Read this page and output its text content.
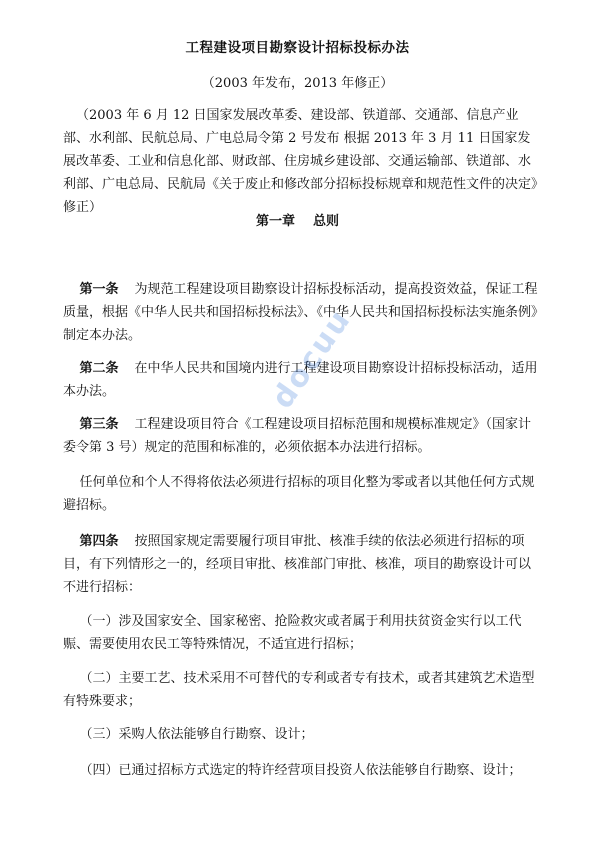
工程建设项目勘察设计招标投标办法
（2003 年发布，2013 年修正）
（2003 年 6 月 12 日国家发展改革委、建设部、铁道部、交通部、信息产业部、水利部、民航总局、广电总局令第 2 号发布 根据 2013 年 3 月 11 日国家发展改革委、工业和信息化部、财政部、住房城乡建设部、交通运输部、铁道部、水利部、广电总局、民航局《关于废止和修改部分招标投标规章和规范性文件的决定》修正）
第一章 总则
第一条 为规范工程建设项目勘察设计招标投标活动，提高投资效益，保证工程质量，根据《中华人民共和国招标投标法》、《中华人民共和国招标投标法实施条例》制定本办法。
第二条 在中华人民共和国境内进行工程建设项目勘察设计招标投标活动，适用本办法。
第三条 工程建设项目符合《工程建设项目招标范围和规模标准规定》（国家计委令第 3 号）规定的范围和标准的，必须依据本办法进行招标。
任何单位和个人不得将依法必须进行招标的项目化整为零或者以其他任何方式规避招标。
第四条 按照国家规定需要履行项目审批、核准手续的依法必须进行招标的项目，有下列情形之一的，经项目审批、核准部门审批、核准，项目的勘察设计可以不进行招标：
（一）涉及国家安全、国家秘密、抢险救灾或者属于利用扶贫资金实行以工代赈、需要使用农民工等特殊情况，不适宜进行招标；
（二）主要工艺、技术采用不可替代的专利或者专有技术，或者其建筑艺术造型有特殊要求；
（三）采购人依法能够自行勘察、设计；
（四）已通过招标方式选定的特许经营项目投资人依法能够自行勘察、设计；
docuu
